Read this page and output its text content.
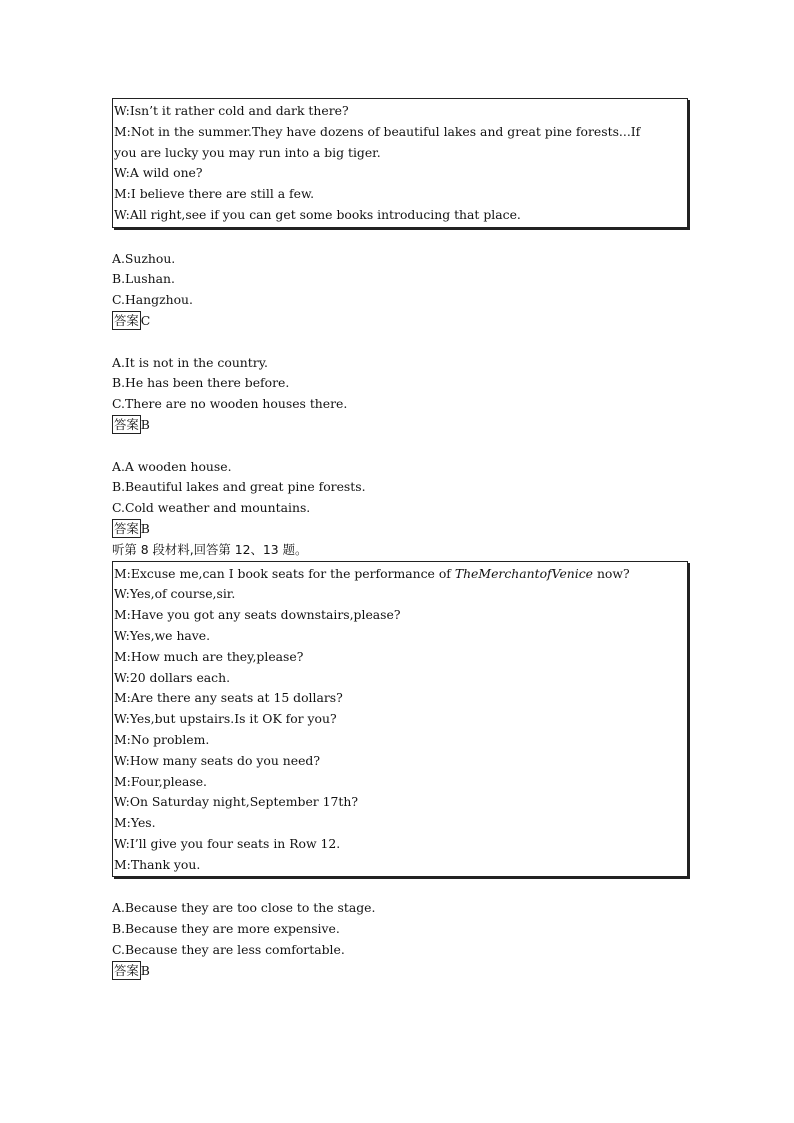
W:Isn’t it rather cold and dark there?
M:Not in the summer.They have dozens of beautiful lakes and great pine forests...If
you are lucky you may run into a big tiger.
W:A wild one?
M:I believe there are still a few.
W:All right,see if you can get some books introducing that place.

A.Suzhou.
B.Lushan.
C.Hangzhou.
答案 C

A.It is not in the country.
B.He has been there before.
C.There are no wooden houses there.
答案 B

A.A wooden house.
B.Beautiful lakes and great pine forests.
C.Cold weather and mountains.
答案 B
听第 8 段材料,回答第 12、13 题。
M:Excuse me,can I book seats for the performance of TheMerchantofVenice now?
W:Yes,of course,sir.
M:Have you got any seats downstairs,please?
W:Yes,we have.
M:How much are they,please?
W:20 dollars each.
M:Are there any seats at 15 dollars?
W:Yes,but upstairs.Is it OK for you?
M:No problem.
W:How many seats do you need?
M:Four,please.
W:On Saturday night,September 17th?
M:Yes.
W:I’ll give you four seats in Row 12.
M:Thank you.

A.Because they are too close to the stage.
B.Because they are more expensive.
C.Because they are less comfortable.
答案 B
